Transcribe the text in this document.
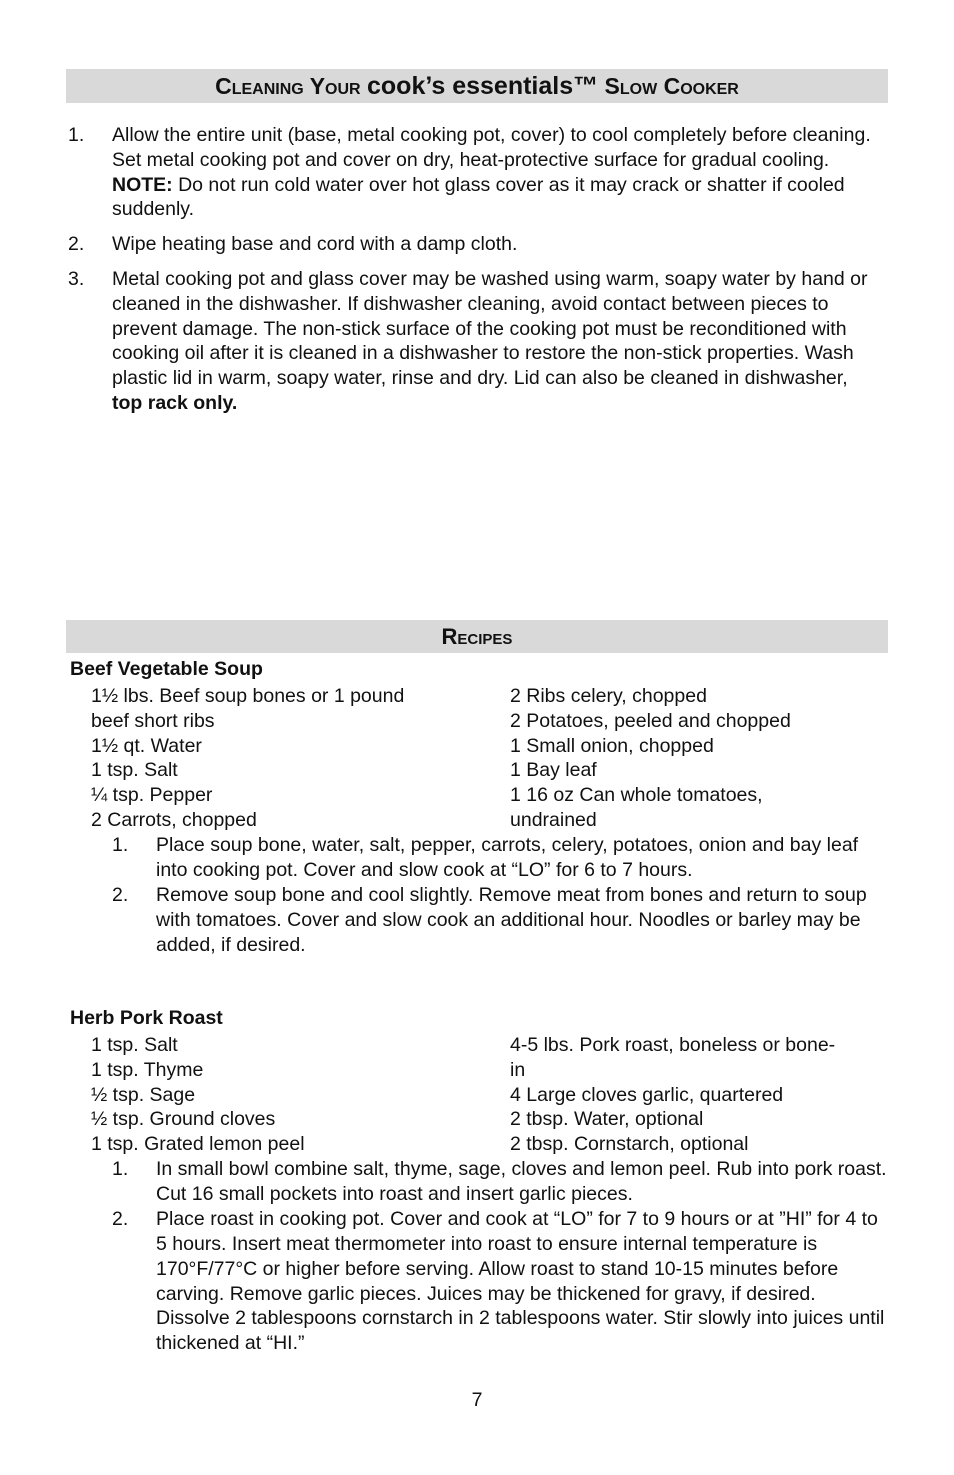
Cleaning Your cook’s essentials™ Slow Cooker
1. Allow the entire unit (base, metal cooking pot, cover) to cool completely before cleaning. Set metal cooking pot and cover on dry, heat-protective surface for gradual cooling. NOTE: Do not run cold water over hot glass cover as it may crack or shatter if cooled suddenly.
2. Wipe heating base and cord with a damp cloth.
3. Metal cooking pot and glass cover may be washed using warm, soapy water by hand or cleaned in the dishwasher. If dishwasher cleaning, avoid contact between pieces to prevent damage. The non-stick surface of the cooking pot must be reconditioned with cooking oil after it is cleaned in a dishwasher to restore the non-stick properties. Wash plastic lid in warm, soapy water, rinse and dry. Lid can also be cleaned in dishwasher, top rack only.
Recipes
Beef Vegetable Soup
1½ lbs. Beef soup bones or 1 pound
beef short ribs
1½ qt. Water
1 tsp. Salt
¼ tsp. Pepper
2 Carrots, chopped
2 Ribs celery, chopped
2 Potatoes, peeled and chopped
1 Small onion, chopped
1 Bay leaf
1 16 oz Can whole tomatoes,
undrained
1. Place soup bone, water, salt, pepper, carrots, celery, potatoes, onion and bay leaf into cooking pot. Cover and slow cook at “LO” for 6 to 7 hours.
2. Remove soup bone and cool slightly. Remove meat from bones and return to soup with tomatoes. Cover and slow cook an additional hour. Noodles or barley may be added, if desired.
Herb Pork Roast
1 tsp. Salt
1 tsp. Thyme
½ tsp. Sage
½ tsp. Ground cloves
1 tsp. Grated lemon peel
4-5 lbs. Pork roast, boneless or bone-
in
4 Large cloves garlic, quartered
2 tbsp. Water, optional
2 tbsp. Cornstarch, optional
1. In small bowl combine salt, thyme, sage, cloves and lemon peel. Rub into pork roast. Cut 16 small pockets into roast and insert garlic pieces.
2. Place roast in cooking pot. Cover and cook at “LO” for 7 to 9 hours or at ”HI” for 4 to 5 hours. Insert meat thermometer into roast to ensure internal temperature is 170°F/77°C or higher before serving. Allow roast to stand 10-15 minutes before carving. Remove garlic pieces. Juices may be thickened for gravy, if desired. Dissolve 2 tablespoons cornstarch in 2 tablespoons water. Stir slowly into juices until thickened at “HI.”
7
